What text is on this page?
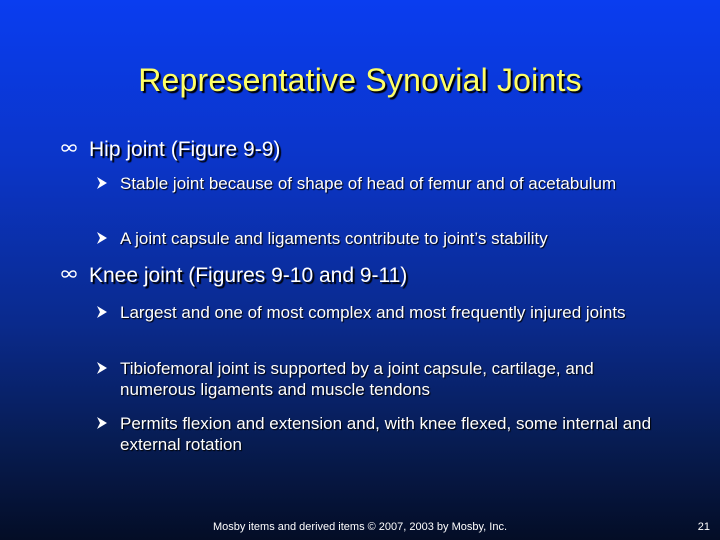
Representative Synovial Joints
Hip joint (Figure 9-9)
Stable joint because of shape of head of femur and of acetabulum
A joint capsule and ligaments contribute to joint’s stability
Knee joint (Figures 9-10 and 9-11)
Largest and one of most complex and most frequently injured joints
Tibiofemoral joint is supported by a joint capsule, cartilage, and numerous ligaments and muscle tendons
Permits flexion and extension and, with knee flexed, some internal and external rotation
Mosby items and derived items © 2007, 2003 by Mosby, Inc.	21
